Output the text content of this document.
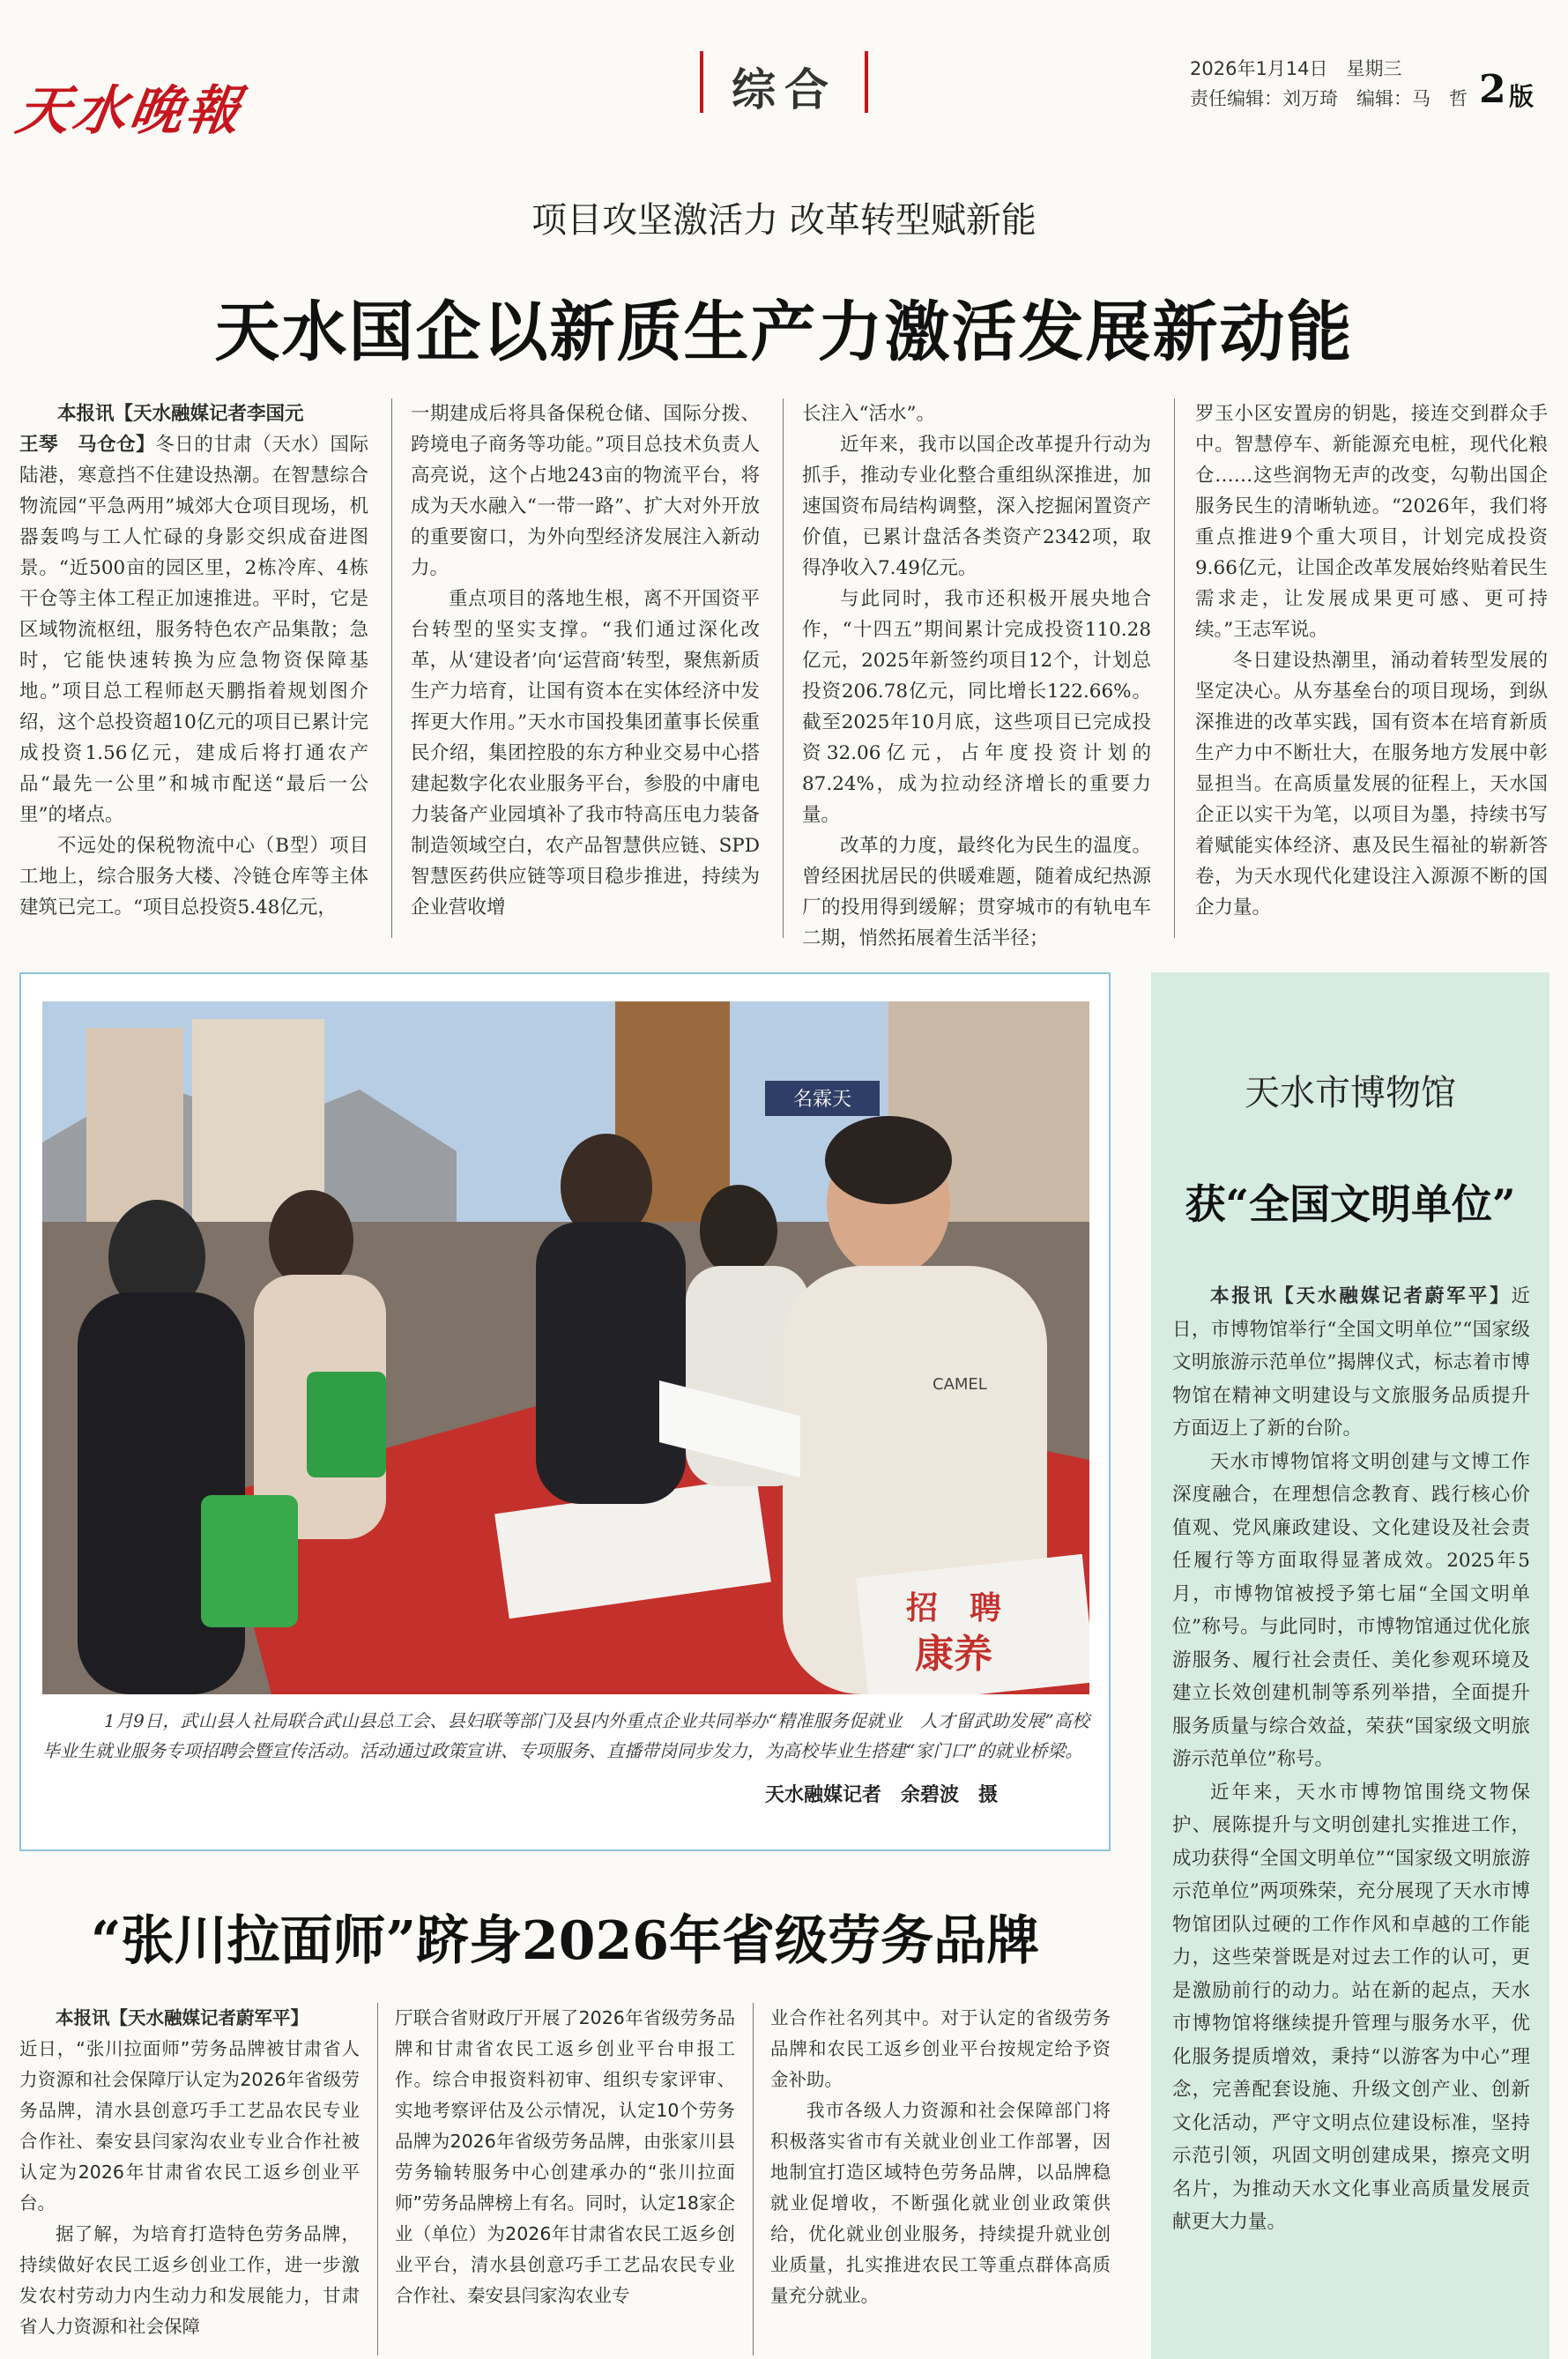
天水晚報	综合	2026年1月14日　星期三
责任编辑：刘万琦　编辑：马　哲 2 版
项目攻坚激活力 改革转型赋新能
天水国企以新质生产力激活发展新动能

本报讯【天水融媒记者李国元

王琴　马仓仓】冬日的甘肃（天水）国际陆港，寒意挡不住建设热潮。在智慧综合物流园“平急两用”城郊大仓项目现场，机器轰鸣与工人忙碌的身影交织成奋进图景。“近500亩的园区里，2栋冷库、4栋干仓等主体工程正加速推进。平时，它是区域物流枢纽，服务特色农产品集散；急时，它能快速转换为应急物资保障基地。”项目总工程师赵天鹏指着规划图介绍，这个总投资超10亿元的项目已累计完成投资1.56亿元，建成后将打通农产品“最先一公里”和城市配送“最后一公里”的堵点。

不远处的保税物流中心（B型）项目工地上，综合服务大楼、冷链仓库等主体建筑已完工。“项目总投资5.48亿元，

一期建成后将具备保税仓储、国际分拨、跨境电子商务等功能。”项目总技术负责人高亮说，这个占地243亩的物流平台，将成为天水融入“一带一路”、扩大对外开放的重要窗口，为外向型经济发展注入新动力。

重点项目的落地生根，离不开国资平台转型的坚实支撑。“我们通过深化改革，从‘建设者’向‘运营商’转型，聚焦新质生产力培育，让国有资本在实体经济中发挥更大作用。”天水市国投集团董事长侯重民介绍，集团控股的东方种业交易中心搭建起数字化农业服务平台，参股的中庸电力装备产业园填补了我市特高压电力装备制造领域空白，农产品智慧供应链、SPD智慧医药供应链等项目稳步推进，持续为企业营收增

长注入“活水”。

近年来，我市以国企改革提升行动为抓手，推动专业化整合重组纵深推进，加速国资布局结构调整，深入挖掘闲置资产价值，已累计盘活各类资产2342项，取得净收入7.49亿元。

与此同时，我市还积极开展央地合作，“十四五”期间累计完成投资110.28亿元，2025年新签约项目12个，计划总投资206.78亿元，同比增长122.66%。截至2025年10月底，这些项目已完成投资32.06亿元，占年度投资计划的87.24%，成为拉动经济增长的重要力量。

改革的力度，最终化为民生的温度。曾经困扰居民的供暖难题，随着成纪热源厂的投用得到缓解；贯穿城市的有轨电车二期，悄然拓展着生活半径；

罗玉小区安置房的钥匙，接连交到群众手中。智慧停车、新能源充电桩，现代化粮仓……这些润物无声的改变，勾勒出国企服务民生的清晰轨迹。“2026年，我们将重点推进9个重大项目，计划完成投资9.66亿元，让国企改革发展始终贴着民生需求走，让发展成果更可感、更可持续。”王志军说。

冬日建设热潮里，涌动着转型发展的坚定决心。从夯基垒台的项目现场，到纵深推进的改革实践，国有资本在培育新质生产力中不断壮大，在服务地方发展中彰显担当。在高质量发展的征程上，天水国企正以实干为笔，以项目为墨，持续书写着赋能实体经济、惠及民生福祉的崭新答卷，为天水现代化建设注入源源不断的国企力量。

名霖天
CAMEL
招　聘
康养
1月9日，武山县人社局联合武山县总工会、县妇联等部门及县内外重点企业共同举办“精准服务促就业　人才留武助发展”高校毕业生就业服务专项招聘会暨宣传活动。活动通过政策宣讲、专项服务、直播带岗同步发力，为高校毕业生搭建“家门口”的就业桥梁。
天水融媒记者　余碧波　摄
天水市博物馆
获“全国文明单位”

本报讯【天水融媒记者蔚军平】近日，市博物馆举行“全国文明单位”“国家级文明旅游示范单位”揭牌仪式，标志着市博物馆在精神文明建设与文旅服务品质提升方面迈上了新的台阶。

天水市博物馆将文明创建与文博工作深度融合，在理想信念教育、践行核心价值观、党风廉政建设、文化建设及社会责任履行等方面取得显著成效。2025年5月，市博物馆被授予第七届“全国文明单位”称号。与此同时，市博物馆通过优化旅游服务、履行社会责任、美化参观环境及建立长效创建机制等系列举措，全面提升服务质量与综合效益，荣获“国家级文明旅游示范单位”称号。

近年来，天水市博物馆围绕文物保护、展陈提升与文明创建扎实推进工作，成功获得“全国文明单位”“国家级文明旅游示范单位”两项殊荣，充分展现了天水市博物馆团队过硬的工作作风和卓越的工作能力，这些荣誉既是对过去工作的认可，更是激励前行的动力。站在新的起点，天水市博物馆将继续提升管理与服务水平，优化服务提质增效，秉持“以游客为中心”理念，完善配套设施、升级文创产业、创新文化活动，严守文明点位建设标准，坚持示范引领，巩固文明创建成果，擦亮文明名片，为推动天水文化事业高质量发展贡献更大力量。

“张川拉面师”跻身2026年省级劳务品牌

本报讯【天水融媒记者蔚军平】

近日，“张川拉面师”劳务品牌被甘肃省人力资源和社会保障厅认定为2026年省级劳务品牌，清水县创意巧手工艺品农民专业合作社、秦安县闫家沟农业专业合作社被认定为2026年甘肃省农民工返乡创业平台。

据了解，为培育打造特色劳务品牌，持续做好农民工返乡创业工作，进一步激发农村劳动力内生动力和发展能力，甘肃省人力资源和社会保障

厅联合省财政厅开展了2026年省级劳务品牌和甘肃省农民工返乡创业平台申报工作。综合申报资料初审、组织专家评审、实地考察评估及公示情况，认定10个劳务品牌为2026年省级劳务品牌，由张家川县劳务输转服务中心创建承办的“张川拉面师”劳务品牌榜上有名。同时，认定18家企业（单位）为2026年甘肃省农民工返乡创业平台，清水县创意巧手工艺品农民专业合作社、秦安县闫家沟农业专

业合作社名列其中。对于认定的省级劳务品牌和农民工返乡创业平台按规定给予资金补助。

我市各级人力资源和社会保障部门将积极落实省市有关就业创业工作部署，因地制宜打造区域特色劳务品牌，以品牌稳就业促增收，不断强化就业创业政策供给，优化就业创业服务，持续提升就业创业质量，扎实推进农民工等重点群体高质量充分就业。
